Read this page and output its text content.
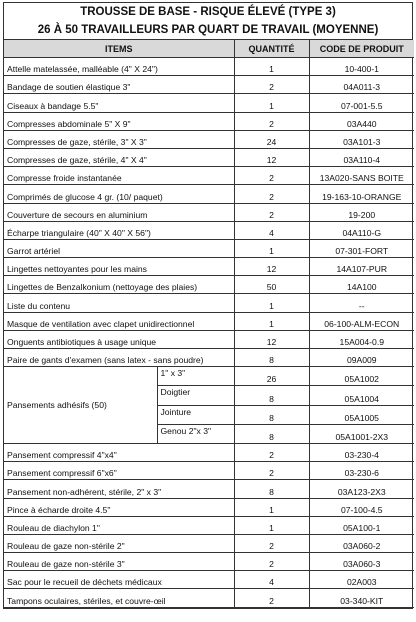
TROUSSE DE BASE - RISQUE ÉLEVÉ (TYPE 3)
26 À 50 TRAVAILLEURS PAR QUART DE TRAVAIL (MOYENNE)
ITEMS		QUANTITÉ	CODE DE PRODUIT
Attelle matelassée, malléable (4" X 24")		1	10-400-1
Bandage de soutien élastique 3"		2	04A011-3
Ciseaux à bandage 5.5"		1	07-001-5.5
Compresses abdominale 5" X 9"		2	03A440
Compresses de gaze, stérile, 3" X 3"		24	03A101-3
Compresses de gaze, stérile, 4" X 4"		12	03A110-4
Compresse froide instantanée		2	13A020-SANS BOITE
Comprimés de glucose 4 gr. (10/ paquet)		2	19-163-10-ORANGE
Couverture de secours en aluminium		2	19-200
Écharpe triangulaire (40" X 40" X 56")		4	04A110-G
Garrot artériel		1	07-301-FORT
Lingettes nettoyantes pour les mains		12	14A107-PUR
Lingettes de Benzalkonium (nettoyage des plaies)		50	14A100
Liste du contenu		1	--
Masque de ventilation avec clapet unidirectionnel		1	06-100-ALM-ECON
Onguents antibiotiques à usage unique		12	15A004-0.9
Paire de gants d'examen (sans latex - sans poudre)		8	09A009
Pansements adhésifs (50)	1" x 3"	26	05A1002
	Doigtier	8	05A1004
	Jointure	8	05A1005
	Genou 2"x 3"	8	05A1001-2X3
Pansement compressif 4"x4"		2	03-230-4
Pansement compressif 6"x6"		2	03-230-6
Pansement non-adhérent, stérile, 2" x 3"		8	03A123-2X3
Pince à écharde droite 4.5"		1	07-100-4.5
Rouleau de diachylon 1"		1	05A100-1
Rouleau de gaze non-stérile 2"		2	03A060-2
Rouleau de gaze non-stérile 3"		2	03A060-3
Sac pour le recueil de déchets médicaux		4	02A003
Tampons oculaires, stériles, et couvre-œil		2	03-340-KIT
